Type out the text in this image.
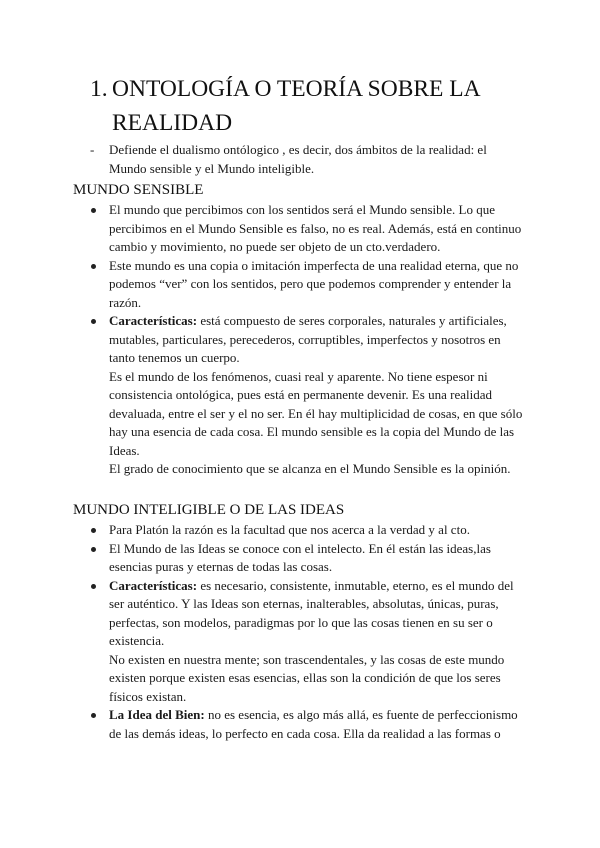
1. ONTOLOGÍA O TEORÍA SOBRE LA
REALIDAD
-	Defiende el dualismo ontólogico , es decir, dos ámbitos de la realidad: el Mundo sensible y el Mundo inteligible.
MUNDO SENSIBLE
El mundo que percibimos con los sentidos será el Mundo sensible. Lo que percibimos en el Mundo Sensible es falso, no es real. Además, está en continuo cambio y movimiento, no puede ser objeto de un cto.verdadero.
Este mundo es una copia o imitación imperfecta de una realidad eterna, que no podemos “ver” con los sentidos, pero que podemos comprender y entender la razón.
Características: está compuesto de seres corporales, naturales y artificiales, mutables, particulares, perecederos, corruptibles, imperfectos y nosotros en tanto tenemos un cuerpo.
Es el mundo de los fenómenos, cuasi real y aparente. No tiene espesor ni consistencia ontológica, pues está en permanente devenir. Es una realidad devaluada, entre el ser y el no ser. En él hay multiplicidad de cosas, en que sólo hay una esencia de cada cosa. El mundo sensible es la copia del Mundo de las Ideas.
El grado de conocimiento que se alcanza en el Mundo Sensible es la opinión.
MUNDO INTELIGIBLE O DE LAS IDEAS
Para Platón la razón es la facultad que nos acerca a la verdad y al cto.
El Mundo de las Ideas se conoce con el intelecto. En él están las ideas,las esencias puras y eternas de todas las cosas.
Características: es necesario, consistente, inmutable, eterno, es el mundo del ser auténtico. Y las Ideas son eternas, inalterables, absolutas, únicas, puras, perfectas, son modelos, paradigmas por lo que las cosas tienen en su ser o existencia.
No existen en nuestra mente; son trascendentales, y las cosas de este mundo existen porque existen esas esencias, ellas son la condición de que los seres físicos existan.
La Idea del Bien: no es esencia, es algo más allá, es fuente de perfeccionismo de las demás ideas, lo perfecto en cada cosa. Ella da realidad a las formas o
